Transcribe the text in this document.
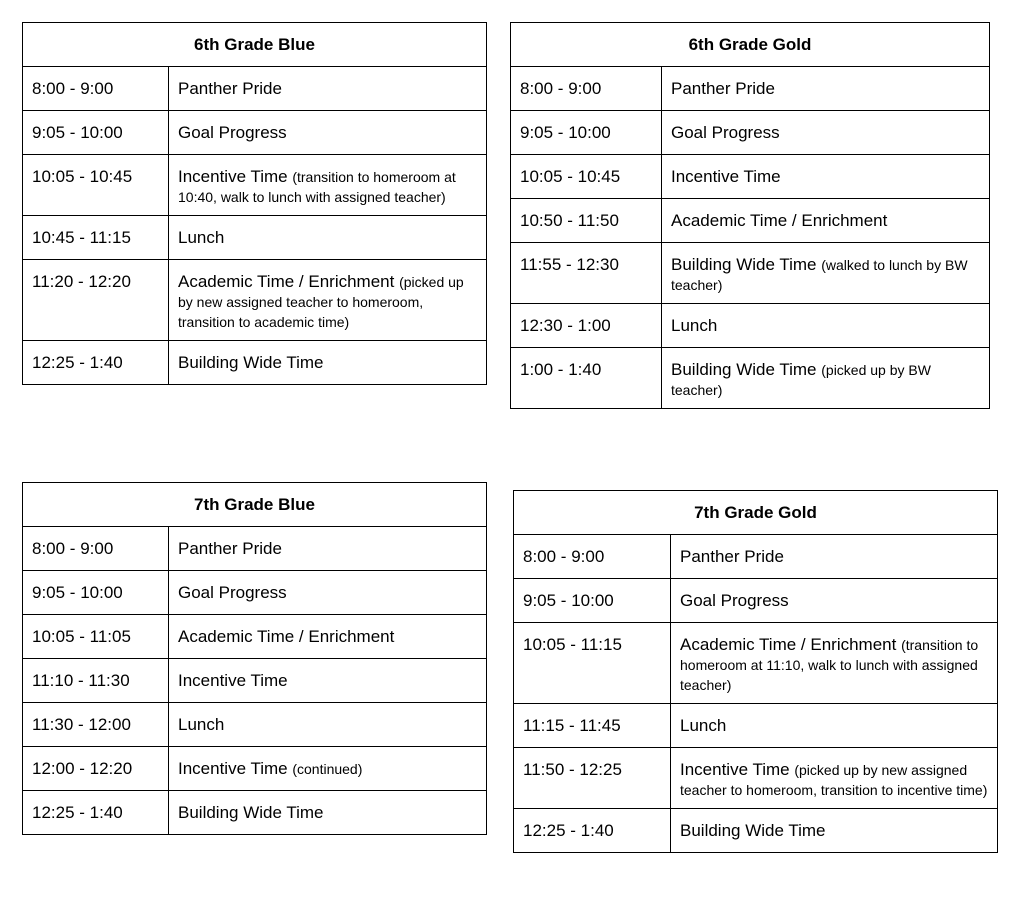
6th Grade Blue	
8:00 - 9:00	Panther Pride
9:05 - 10:00	Goal Progress
10:05 - 10:45	Incentive Time (transition to homeroom at 10:40, walk to lunch with assigned teacher)
10:45 - 11:15	Lunch
11:20 - 12:20	Academic Time / Enrichment (picked up by new assigned teacher to homeroom, transition to academic time)
12:25 - 1:40	Building Wide Time
6th Grade Gold	
8:00 - 9:00	Panther Pride
9:05 - 10:00	Goal Progress
10:05 - 10:45	Incentive Time
10:50 - 11:50	Academic Time / Enrichment
11:55 - 12:30	Building Wide Time (walked to lunch by BW teacher)
12:30 - 1:00	Lunch
1:00 - 1:40	Building Wide Time (picked up by BW teacher)
7th Grade Blue	
8:00 - 9:00	Panther Pride
9:05 - 10:00	Goal Progress
10:05 - 11:05	Academic Time / Enrichment
11:10 - 11:30	Incentive Time
11:30 - 12:00	Lunch
12:00 - 12:20	Incentive Time (continued)
12:25 - 1:40	Building Wide Time
7th Grade Gold	
8:00 - 9:00	Panther Pride
9:05 - 10:00	Goal Progress
10:05 - 11:15	Academic Time / Enrichment (transition to homeroom at 11:10, walk to lunch with assigned teacher)
11:15 - 11:45	Lunch
11:50 - 12:25	Incentive Time (picked up by new assigned teacher to homeroom, transition to incentive time)
12:25 - 1:40	Building Wide Time
